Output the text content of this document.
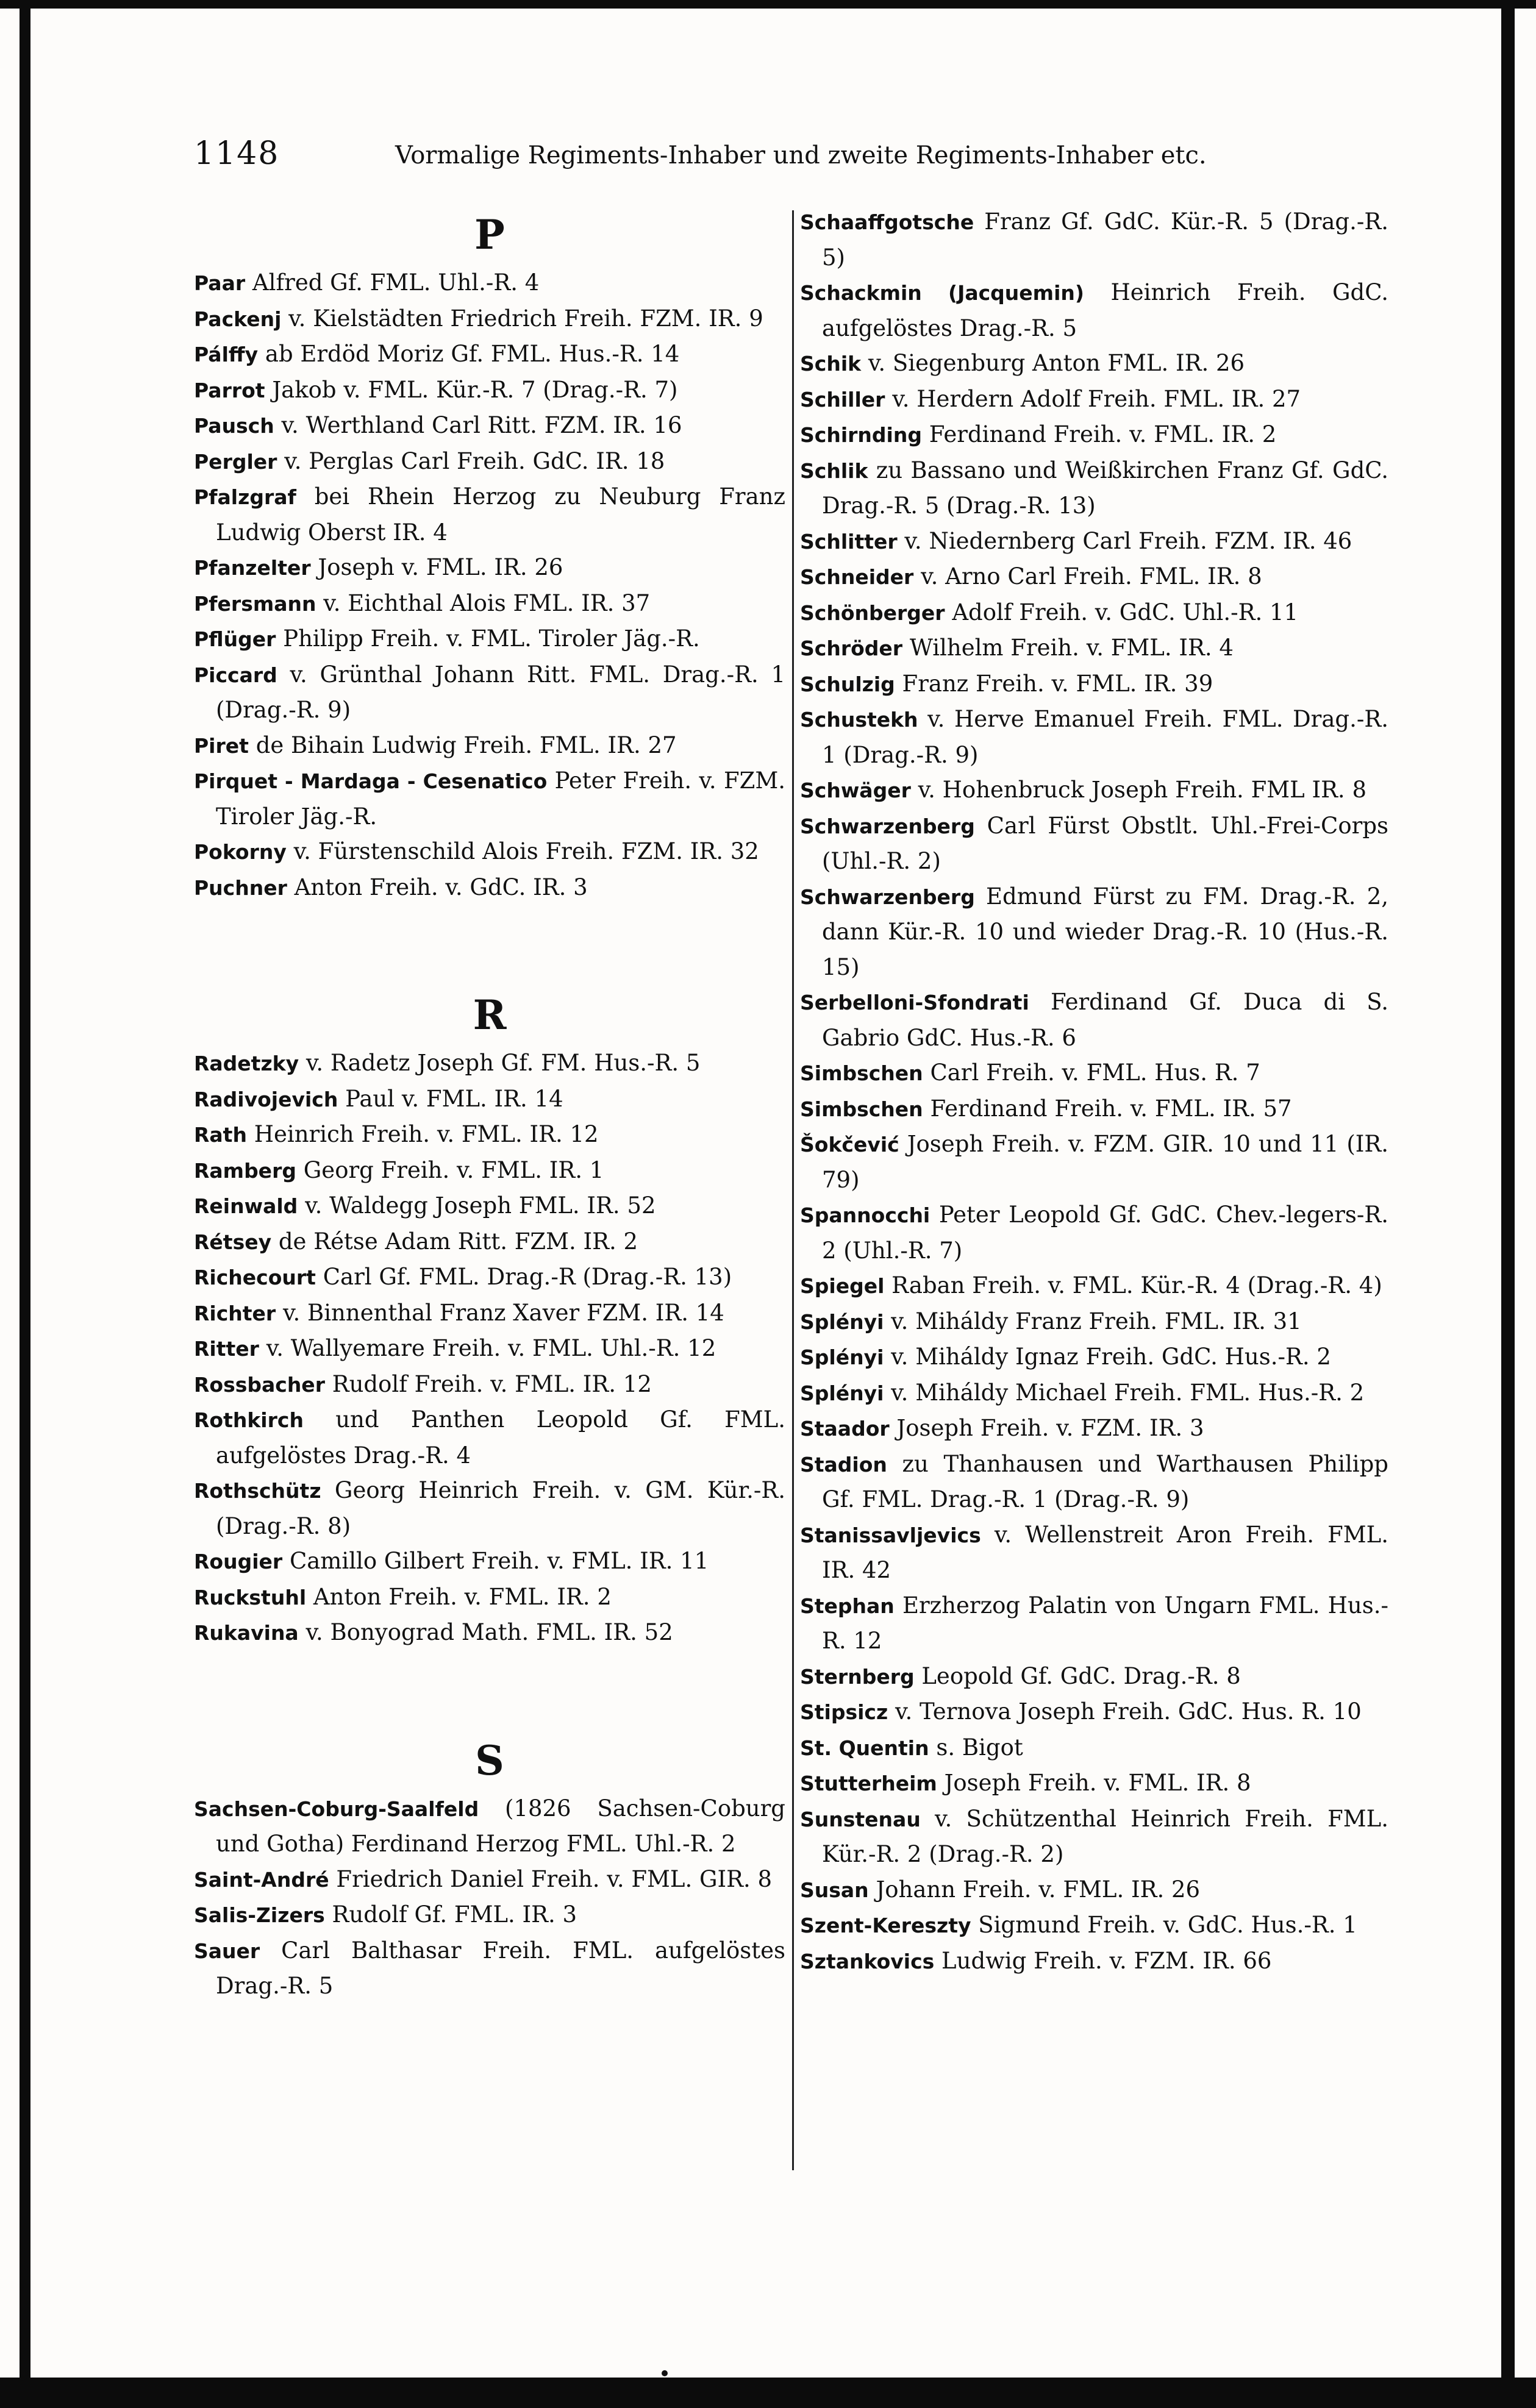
1148	Vormalige Regiments-Inhaber und zweite Regiments-Inhaber etc.
P

Paar Alfred Gf. FML. Uhl.-R. 4

Packenj v. Kielstädten Friedrich Freih. FZM. IR. 9

Pálffy ab Erdöd Moriz Gf. FML. Hus.-R. 14

Parrot Jakob v. FML. Kür.-R. 7 (Drag.-R. 7)

Pausch v. Werthland Carl Ritt. FZM. IR. 16

Pergler v. Perglas Carl Freih. GdC. IR. 18

Pfalzgraf bei Rhein Herzog zu Neuburg Franz Ludwig Oberst IR. 4

Pfanzelter Joseph v. FML. IR. 26

Pfersmann v. Eichthal Alois FML. IR. 37

Pflüger Philipp Freih. v. FML. Tiroler Jäg.-R.

Piccard v. Grünthal Johann Ritt. FML. Drag.-R. 1 (Drag.-R. 9)

Piret de Bihain Ludwig Freih. FML. IR. 27

Pirquet - Mardaga - Cesenatico Peter Freih. v. FZM. Tiroler Jäg.-R.

Pokorny v. Fürstenschild Alois Freih. FZM. IR. 32

Puchner Anton Freih. v. GdC. IR. 3

R

Radetzky v. Radetz Joseph Gf. FM. Hus.-R. 5

Radivojevich Paul v. FML. IR. 14

Rath Heinrich Freih. v. FML. IR. 12

Ramberg Georg Freih. v. FML. IR. 1

Reinwald v. Waldegg Joseph FML. IR. 52

Rétsey de Rétse Adam Ritt. FZM. IR. 2

Richecourt Carl Gf. FML. Drag.-R (Drag.-R. 13)

Richter v. Binnenthal Franz Xaver FZM. IR. 14

Ritter v. Wallyemare Freih. v. FML. Uhl.-R. 12

Rossbacher Rudolf Freih. v. FML. IR. 12

Rothkirch und Panthen Leopold Gf. FML. aufgelöstes Drag.-R. 4

Rothschütz Georg Heinrich Freih. v. GM. Kür.-R. (Drag.-R. 8)

Rougier Camillo Gilbert Freih. v. FML. IR. 11

Ruckstuhl Anton Freih. v. FML. IR. 2

Rukavina v. Bonyograd Math. FML. IR. 52

S

Sachsen-Coburg-Saalfeld (1826 Sachsen-Coburg und Gotha) Ferdinand Herzog FML. Uhl.-R. 2

Saint-André Friedrich Daniel Freih. v. FML. GIR. 8

Salis-Zizers Rudolf Gf. FML. IR. 3

Sauer Carl Balthasar Freih. FML. aufgelöstes Drag.-R. 5

Schaaffgotsche Franz Gf. GdC. Kür.-R. 5 (Drag.-R. 5)

Schackmin (Jacquemin) Heinrich Freih. GdC. aufgelöstes Drag.-R. 5

Schik v. Siegenburg Anton FML. IR. 26

Schiller v. Herdern Adolf Freih. FML. IR. 27

Schirnding Ferdinand Freih. v. FML. IR. 2

Schlik zu Bassano und Weißkirchen Franz Gf. GdC. Drag.-R. 5 (Drag.-R. 13)

Schlitter v. Niedernberg Carl Freih. FZM. IR. 46

Schneider v. Arno Carl Freih. FML. IR. 8

Schönberger Adolf Freih. v. GdC. Uhl.-R. 11

Schröder Wilhelm Freih. v. FML. IR. 4

Schulzig Franz Freih. v. FML. IR. 39

Schustekh v. Herve Emanuel Freih. FML. Drag.-R. 1 (Drag.-R. 9)

Schwäger v. Hohenbruck Joseph Freih. FML IR. 8

Schwarzenberg Carl Fürst Obstlt. Uhl.-Frei-Corps (Uhl.-R. 2)

Schwarzenberg Edmund Fürst zu FM. Drag.-R. 2, dann Kür.-R. 10 und wieder Drag.-R. 10 (Hus.-R. 15)

Serbelloni-Sfondrati Ferdinand Gf. Duca di S. Gabrio GdC. Hus.-R. 6

Simbschen Carl Freih. v. FML. Hus. R. 7

Simbschen Ferdinand Freih. v. FML. IR. 57

Šokčević Joseph Freih. v. FZM. GIR. 10 und 11 (IR. 79)

Spannocchi Peter Leopold Gf. GdC. Chev.-legers-R. 2 (Uhl.-R. 7)

Spiegel Raban Freih. v. FML. Kür.-R. 4 (Drag.-R. 4)

Splényi v. Miháldy Franz Freih. FML. IR. 31

Splényi v. Miháldy Ignaz Freih. GdC. Hus.-R. 2

Splényi v. Miháldy Michael Freih. FML. Hus.-R. 2

Staador Joseph Freih. v. FZM. IR. 3

Stadion zu Thanhausen und Warthausen Philipp Gf. FML. Drag.-R. 1 (Drag.-R. 9)

Stanissavljevics v. Wellenstreit Aron Freih. FML. IR. 42

Stephan Erzherzog Palatin von Ungarn FML. Hus.-R. 12

Sternberg Leopold Gf. GdC. Drag.-R. 8

Stipsicz v. Ternova Joseph Freih. GdC. Hus. R. 10

St. Quentin s. Bigot

Stutterheim Joseph Freih. v. FML. IR. 8

Sunstenau v. Schützenthal Heinrich Freih. FML. Kür.-R. 2 (Drag.-R. 2)

Susan Johann Freih. v. FML. IR. 26

Szent-Kereszty Sigmund Freih. v. GdC. Hus.-R. 1

Sztankovics Ludwig Freih. v. FZM. IR. 66
